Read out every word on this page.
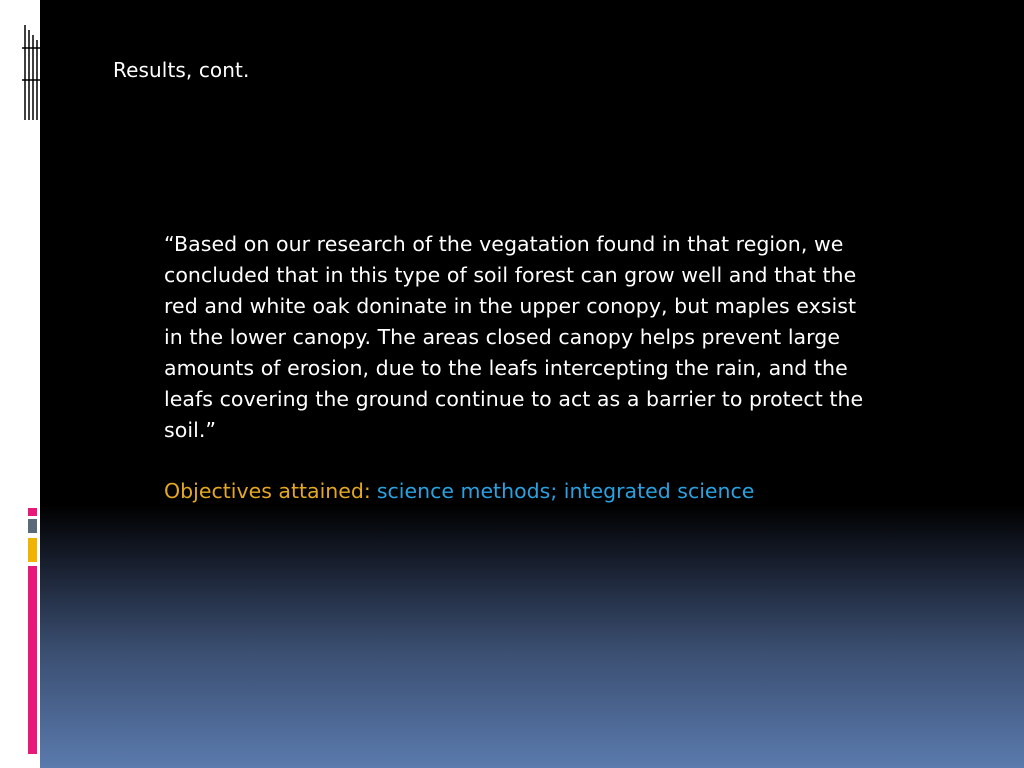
Results, cont.
“Based on our research of the vegatation found in that region, we concluded that in this type of soil forest can grow well and that the red and white oak doninate in the upper conopy, but maples exsist in the lower canopy. The areas closed canopy helps prevent large amounts of erosion, due to the leafs intercepting the rain, and the leafs covering the ground continue to act as a barrier to protect the soil.”
Objectives attained: science methods; integrated science
